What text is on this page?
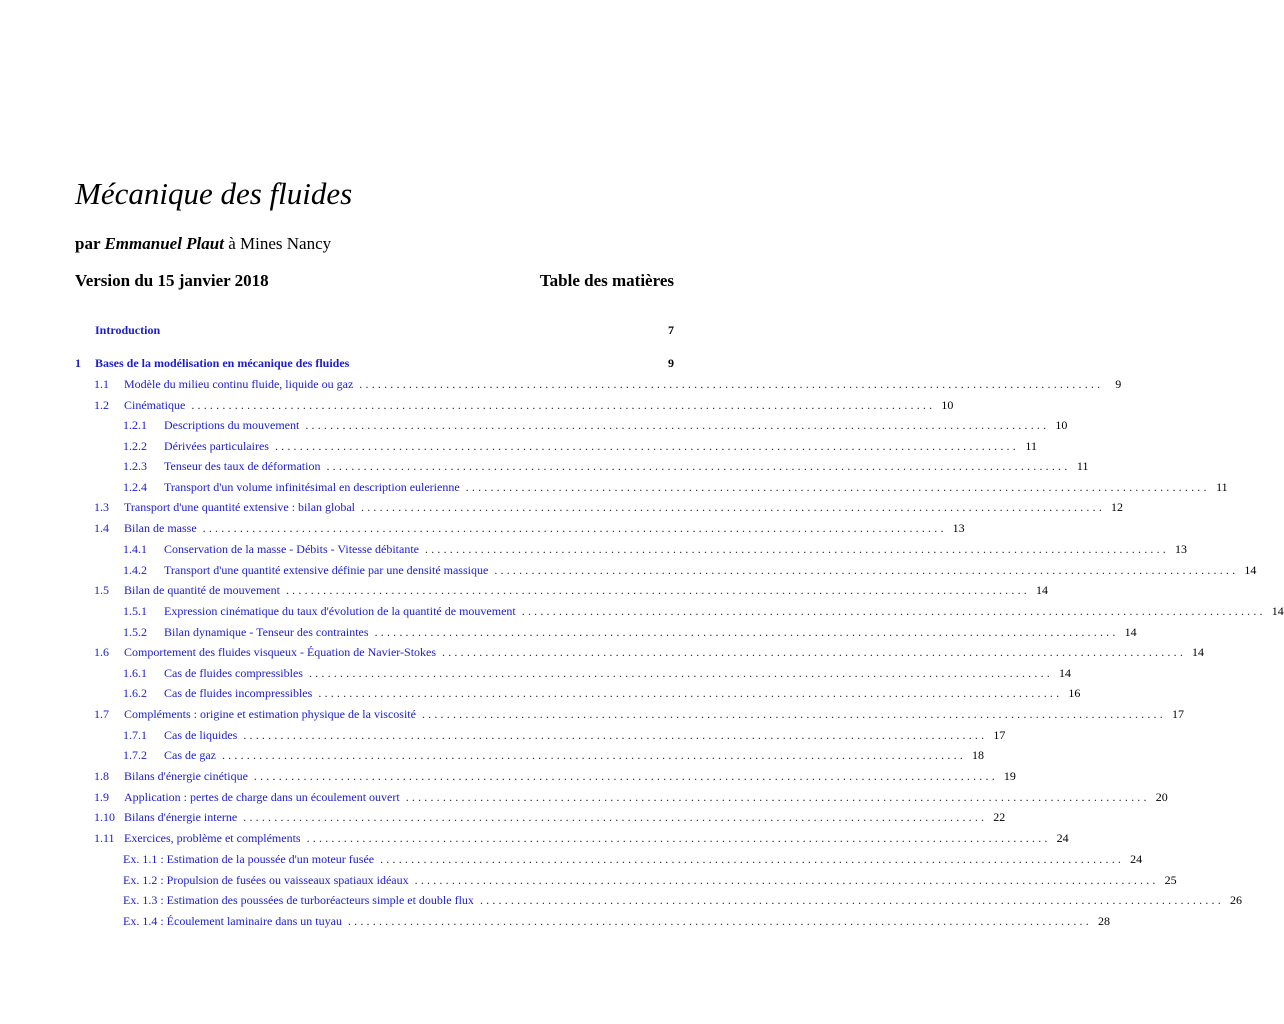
Mécanique des fluides
par Emmanuel Plaut à Mines Nancy
Version du 15 janvier 2018	Table des matières
Introduction	7
1	Bases de la modélisation en mécanique des fluides	9
1.1	Modèle du milieu continu fluide, liquide ou gaz ........................................................................................................................	9
1.2	Cinématique ........................................................................................................................ 10
1.2.1	Descriptions du mouvement ........................................................................................................................ 10
1.2.2	Dérivées particulaires ........................................................................................................................ 11
1.2.3	Tenseur des taux de déformation ........................................................................................................................ 11
1.2.4	Transport d'un volume infinitésimal en description eulerienne ........................................................................................................................ 11
1.3	Transport d'une quantité extensive : bilan global ........................................................................................................................ 12
1.4	Bilan de masse ........................................................................................................................ 13
1.4.1	Conservation de la masse - Débits - Vitesse débitante ........................................................................................................................ 13
1.4.2	Transport d'une quantité extensive définie par une densité massique ........................................................................................................................ 14
1.5	Bilan de quantité de mouvement ........................................................................................................................ 14
1.5.1	Expression cinématique du taux d'évolution de la quantité de mouvement ........................................................................................................................ 14
1.5.2	Bilan dynamique - Tenseur des contraintes ........................................................................................................................ 14
1.6	Comportement des fluides visqueux - Équation de Navier-Stokes ........................................................................................................................ 14
1.6.1	Cas de fluides compressibles ........................................................................................................................ 14
1.6.2	Cas de fluides incompressibles ........................................................................................................................ 16
1.7	Compléments : origine et estimation physique de la viscosité ........................................................................................................................ 17
1.7.1	Cas de liquides ........................................................................................................................ 17
1.7.2	Cas de gaz ........................................................................................................................ 18
1.8	Bilans d'énergie cinétique ........................................................................................................................ 19
1.9	Application : pertes de charge dans un écoulement ouvert ........................................................................................................................ 20
1.10 Bilans d'énergie interne ........................................................................................................................ 22
1.11 Exercices, problème et compléments ........................................................................................................................ 24
Ex. 1.1 : Estimation de la poussée d'un moteur fusée ........................................................................................................................ 24
Ex. 1.2 : Propulsion de fusées ou vaisseaux spatiaux idéaux ........................................................................................................................ 25
Ex. 1.3 : Estimation des poussées de turboréacteurs simple et double flux ........................................................................................................................ 26
Ex. 1.4 : Écoulement laminaire dans un tuyau ........................................................................................................................ 28
